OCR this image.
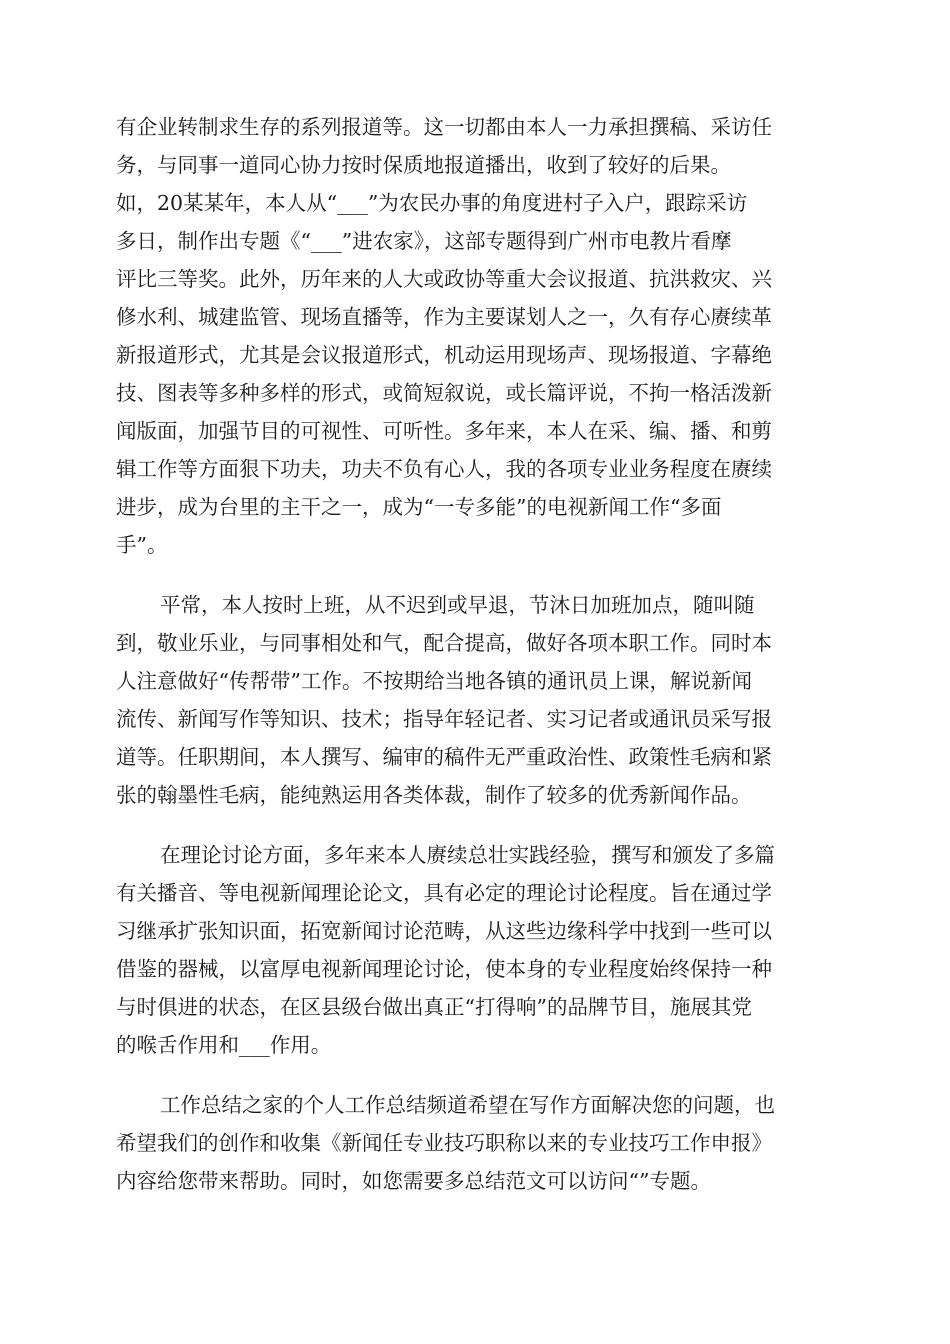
有企业转制求生存的系列报道等。这一切都由本人一力承担撰稿、采访任
务，与同事一道同心协力按时保质地报道播出，收到了较好的后果。
如，20某某年，本人从“___”为农民办事的角度进村子入户，跟踪采访
多日，制作出专题《“___”进农家》，这部专题得到广州市电教片看摩
评比三等奖。此外，历年来的人大或政协等重大会议报道、抗洪救灾、兴
修水利、城建监管、现场直播等，作为主要谋划人之一，久有存心赓续革
新报道形式，尤其是会议报道形式，机动运用现场声、现场报道、字幕绝
技、图表等多种多样的形式，或简短叙说，或长篇评说，不拘一格活泼新
闻版面，加强节目的可视性、可听性。多年来，本人在采、编、播、和剪
辑工作等方面狠下功夫，功夫不负有心人，我的各项专业业务程度在赓续
进步，成为台里的主干之一，成为“一专多能”的电视新闻工作“多面
手”。
平常，本人按时上班，从不迟到或早退，节沐日加班加点，随叫随
到，敬业乐业，与同事相处和气，配合提高，做好各项本职工作。同时本
人注意做好“传帮带”工作。不按期给当地各镇的通讯员上课，解说新闻
流传、新闻写作等知识、技术；指导年轻记者、实习记者或通讯员采写报
道等。任职期间，本人撰写、编审的稿件无严重政治性、政策性毛病和紧
张的翰墨性毛病，能纯熟运用各类体裁，制作了较多的优秀新闻作品。
在理论讨论方面，多年来本人赓续总壮实践经验，撰写和颁发了多篇
有关播音、等电视新闻理论论文，具有必定的理论讨论程度。旨在通过学
习继承扩张知识面，拓宽新闻讨论范畴，从这些边缘科学中找到一些可以
借鉴的器械，以富厚电视新闻理论讨论，使本身的专业程度始终保持一种
与时俱进的状态，在区县级台做出真正“打得响”的品牌节目，施展其党
的喉舌作用和___作用。
工作总结之家的个人工作总结频道希望在写作方面解决您的问题，也
希望我们的创作和收集《新闻任专业技巧职称以来的专业技巧工作申报》
内容给您带来帮助。同时，如您需要多总结范文可以访问“”专题。
